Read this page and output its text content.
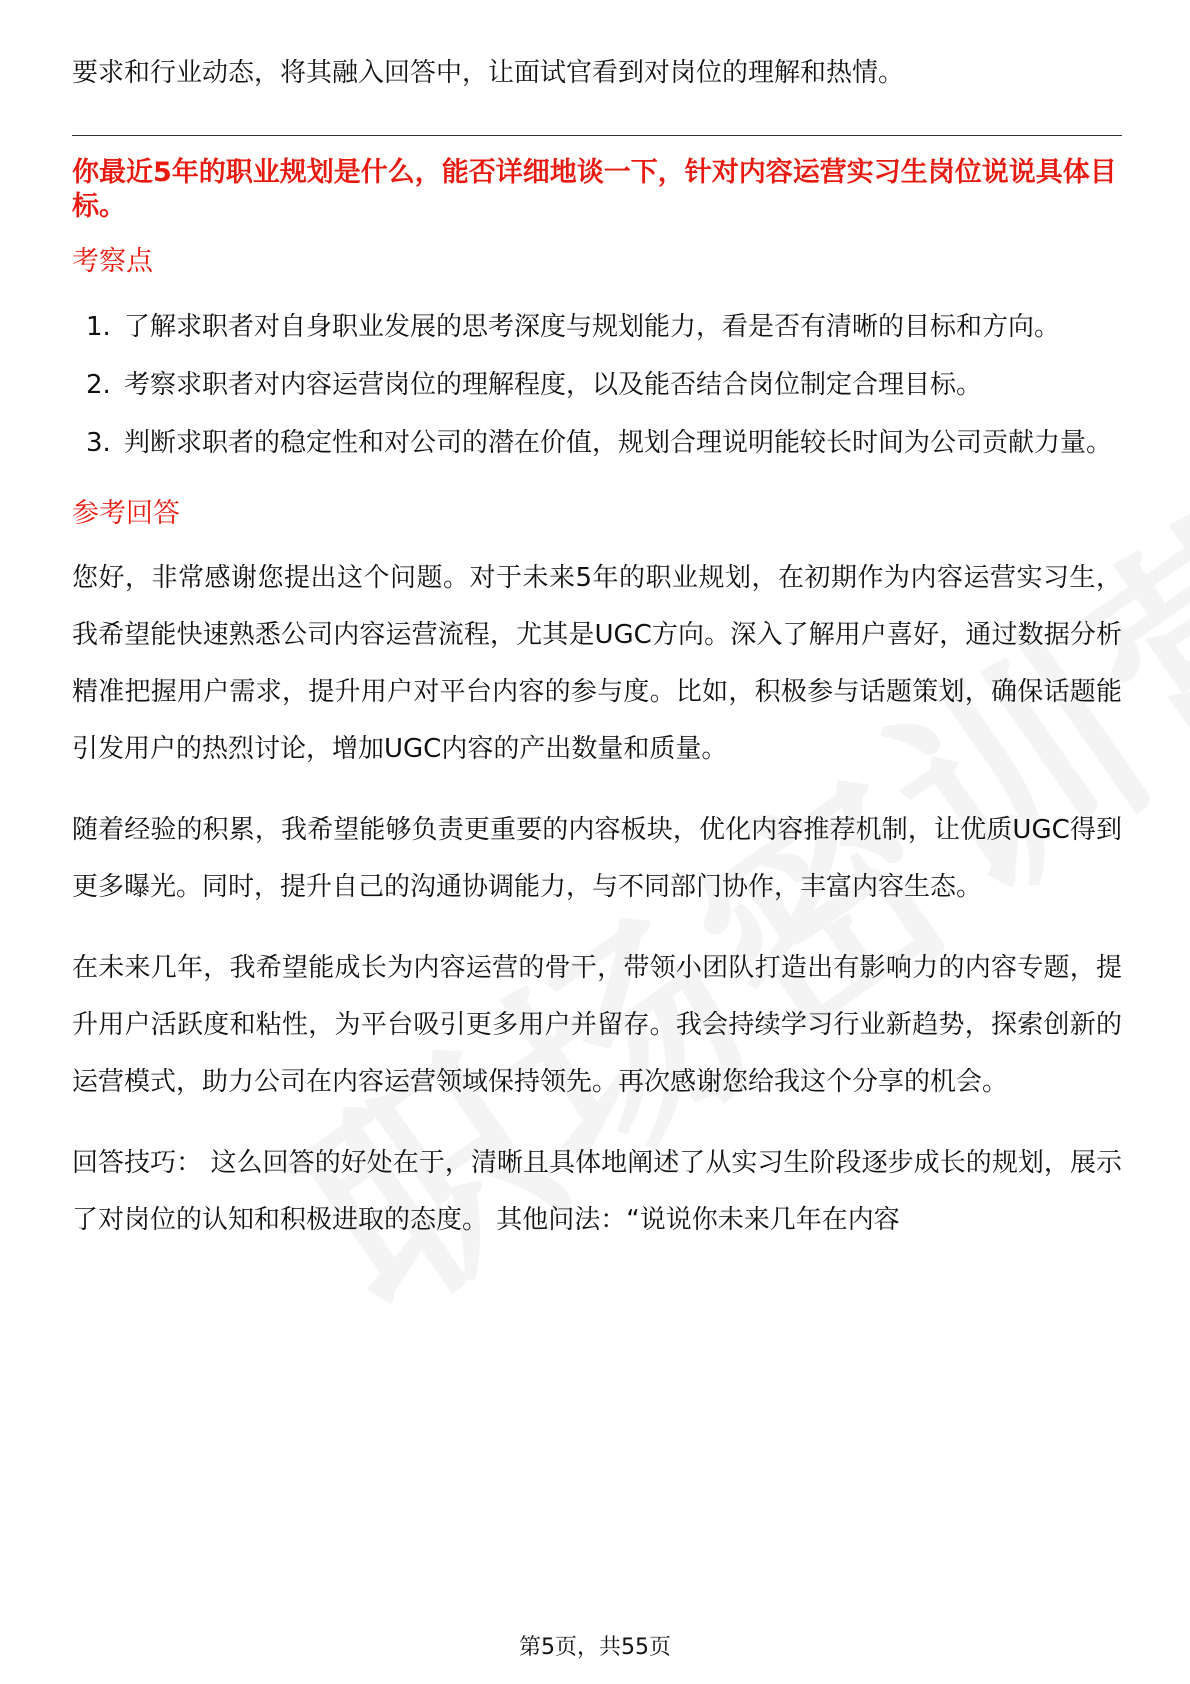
要求和行业动态，将其融入回答中，让面试官看到对岗位的理解和热情。

你最近5年的职业规划是什么，能否详细地谈一下，针对内容运营实习生岗位说说具体目标。

考察点

1. 了解求职者对自身职业发展的思考深度与规划能力，看是否有清晰的目标和方向。
2. 考察求职者对内容运营岗位的理解程度，以及能否结合岗位制定合理目标。
3. 判断求职者的稳定性和对公司的潜在价值，规划合理说明能较长时间为公司贡献力量。

参考回答

您好，非常感谢您提出这个问题。对于未来5年的职业规划，在初期作为内容运营实习生，我希望能快速熟悉公司内容运营流程，尤其是UGC方向。深入了解用户喜好，通过数据分析精准把握用户需求，提升用户对平台内容的参与度。比如，积极参与话题策划，确保话题能引发用户的热烈讨论，增加UGC内容的产出数量和质量。

随着经验的积累，我希望能够负责更重要的内容板块，优化内容推荐机制，让优质UGC得到更多曝光。同时，提升自己的沟通协调能力，与不同部门协作，丰富内容生态。

在未来几年，我希望能成长为内容运营的骨干，带领小团队打造出有影响力的内容专题，提升用户活跃度和粘性，为平台吸引更多用户并留存。我会持续学习行业新趋势，探索创新的运营模式，助力公司在内容运营领域保持领先。再次感谢您给我这个分享的机会。

回答技巧： 这么回答的好处在于，清晰且具体地阐述了从实习生阶段逐步成长的规划，展示了对岗位的认知和积极进取的态度。 其他问法：“说说你未来几年在内容

第5页，共55页
